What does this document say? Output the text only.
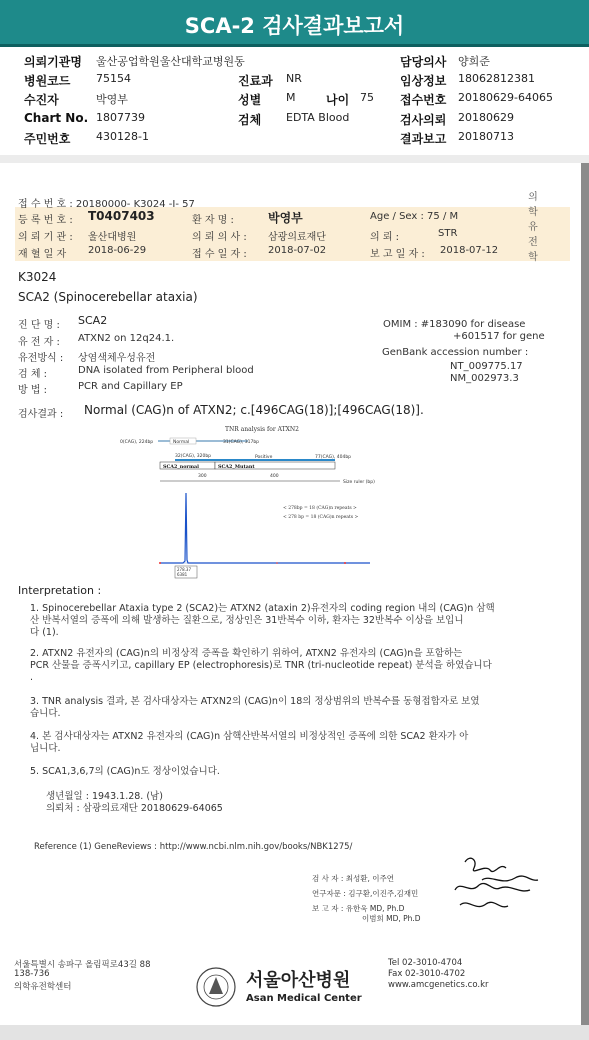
SCA-2 검사결과보고서
의뢰기관명 울산공업학원울산대학교병원동	담당의사 양희준
병원코드 75154	진료과 NR	임상정보 18062812381
수진자	박영부	성별 M	나이 75 접수번호 20180629-64065
Chart No. 1807739	검체 EDTA Blood	검사의뢰 20180629
주민번호 430128-1	결과보고 20180713
접 수 번 호 : 20180000- K3024 -I- 57
등 록 번 호 : T0407403	환 자 명 :	박영부	Age / Sex : 75 / M
의 뢰 기 관 : 울산대병원	의 뢰 의 사 : 삼광의료재단	의 뢰 :	STR
재 혈 일 자 2018-06-29	접 수 일 자 : 2018-07-02	보 고 일 자 : 2018-07-12
의학유전학
K3024
SCA2 (Spinocerebellar ataxia)
진 단 명 : SCA2
유 전 자 : ATXN2 on 12q24.1.
유전방식 : 상염색체우성유전
검 체 :	DNA isolated from Peripheral blood
방 법 :	PCR and Capillary EP
OMIM : #183090 for disease
+601517 for gene
GenBank accession number :
NT_009775.17
NM_002973.3
검사결과 : Normal (CAG)n of ATXN2; c.[496CAG(18)];[496CAG(18)].
TNR analysis for ATXN2
0(CAG), 224bp	Normal	31(CAG), 317bp
32(CAG), 320bp	Positive	77(CAG), 404bp
SCA2_normal	SCA2_Mutant
300	400
Size ruler (bp)
< 278bp = 18 (CAG)n repeats >
< 278 bp = 18 (CAG)n repeats >
278.37
6381
Interpretation :

1. Spinocerebellar Ataxia type 2 (SCA2)는 ATXN2 (ataxin 2)유전자의 coding region 내의 (CAG)n 삼핵

산 반복서열의 증폭에 의해 발생하는 질환으로, 정상인은 31반복수 이하, 환자는 32반복수 이상을 보입니

다 (1).

2. ATXN2 유전자의 (CAG)n의 비정상적 증폭을 확인하기 위하여, ATXN2 유전자의 (CAG)n을 포함하는

PCR 산물을 증폭시키고, capillary EP (electrophoresis)로 TNR (tri-nucleotide repeat) 분석을 하였습니다

.

3. TNR analysis 결과, 본 검사대상자는 ATXN2의 (CAG)n이 18의 정상범위의 반복수를 동형접합자로 보였

습니다.

4. 본 검사대상자는 ATXN2 유전자의 (CAG)n 삼핵산반복서열의 비정상적인 증폭에 의한 SCA2 환자가 아

닙니다.

5. SCA1,3,6,7의 (CAG)n도 정상이었습니다.

생년월일 : 1943.1.28. (남)
의뢰처 : 삼광의료재단 20180629-64065
Reference (1) GeneReviews : http://www.ncbi.nlm.nih.gov/books/NBK1275/
검 사 자 : 최성환, 이주연
연구자문 : 김구환,이진주,김재민
보 고 자 : 유한욱 MD, Ph.D
이범희 MD, Ph.D
서울특별시 송파구 올림픽로43길 88
138-736
의학유전학센터	서울아산병원
Asan Medical Center
Tel 02-3010-4704
Fax 02-3010-4702
www.amcgenetics.co.kr
